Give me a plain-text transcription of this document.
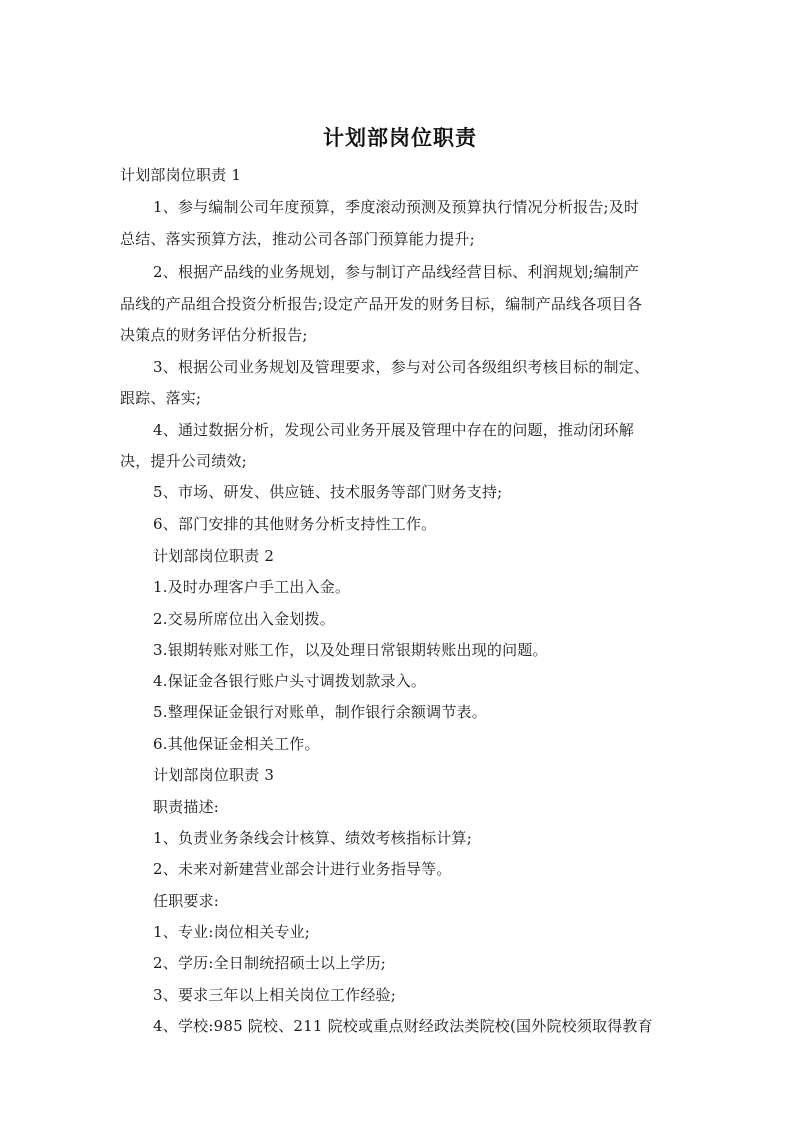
计划部岗位职责
计划部岗位职责 1
1、参与编制公司年度预算，季度滚动预测及预算执行情况分析报告;及时
总结、落实预算方法，推动公司各部门预算能力提升;
2、根据产品线的业务规划，参与制订产品线经营目标、利润规划;编制产
品线的产品组合投资分析报告;设定产品开发的财务目标，编制产品线各项目各
决策点的财务评估分析报告;
3、根据公司业务规划及管理要求，参与对公司各级组织考核目标的制定、
跟踪、落实;
4、通过数据分析，发现公司业务开展及管理中存在的问题，推动闭环解
决，提升公司绩效;
5、市场、研发、供应链、技术服务等部门财务支持;
6、部门安排的其他财务分析支持性工作。
计划部岗位职责 2
1.及时办理客户手工出入金。
2.交易所席位出入金划拨。
3.银期转账对账工作，以及处理日常银期转账出现的问题。
4.保证金各银行账户头寸调拨划款录入。
5.整理保证金银行对账单，制作银行余额调节表。
6.其他保证金相关工作。
计划部岗位职责 3
职责描述:
1、负责业务条线会计核算、绩效考核指标计算;
2、未来对新建营业部会计进行业务指导等。
任职要求:
1、专业:岗位相关专业;
2、学历:全日制统招硕士以上学历;
3、要求三年以上相关岗位工作经验;
4、学校:985 院校、211 院校或重点财经政法类院校(国外院校须取得教育
